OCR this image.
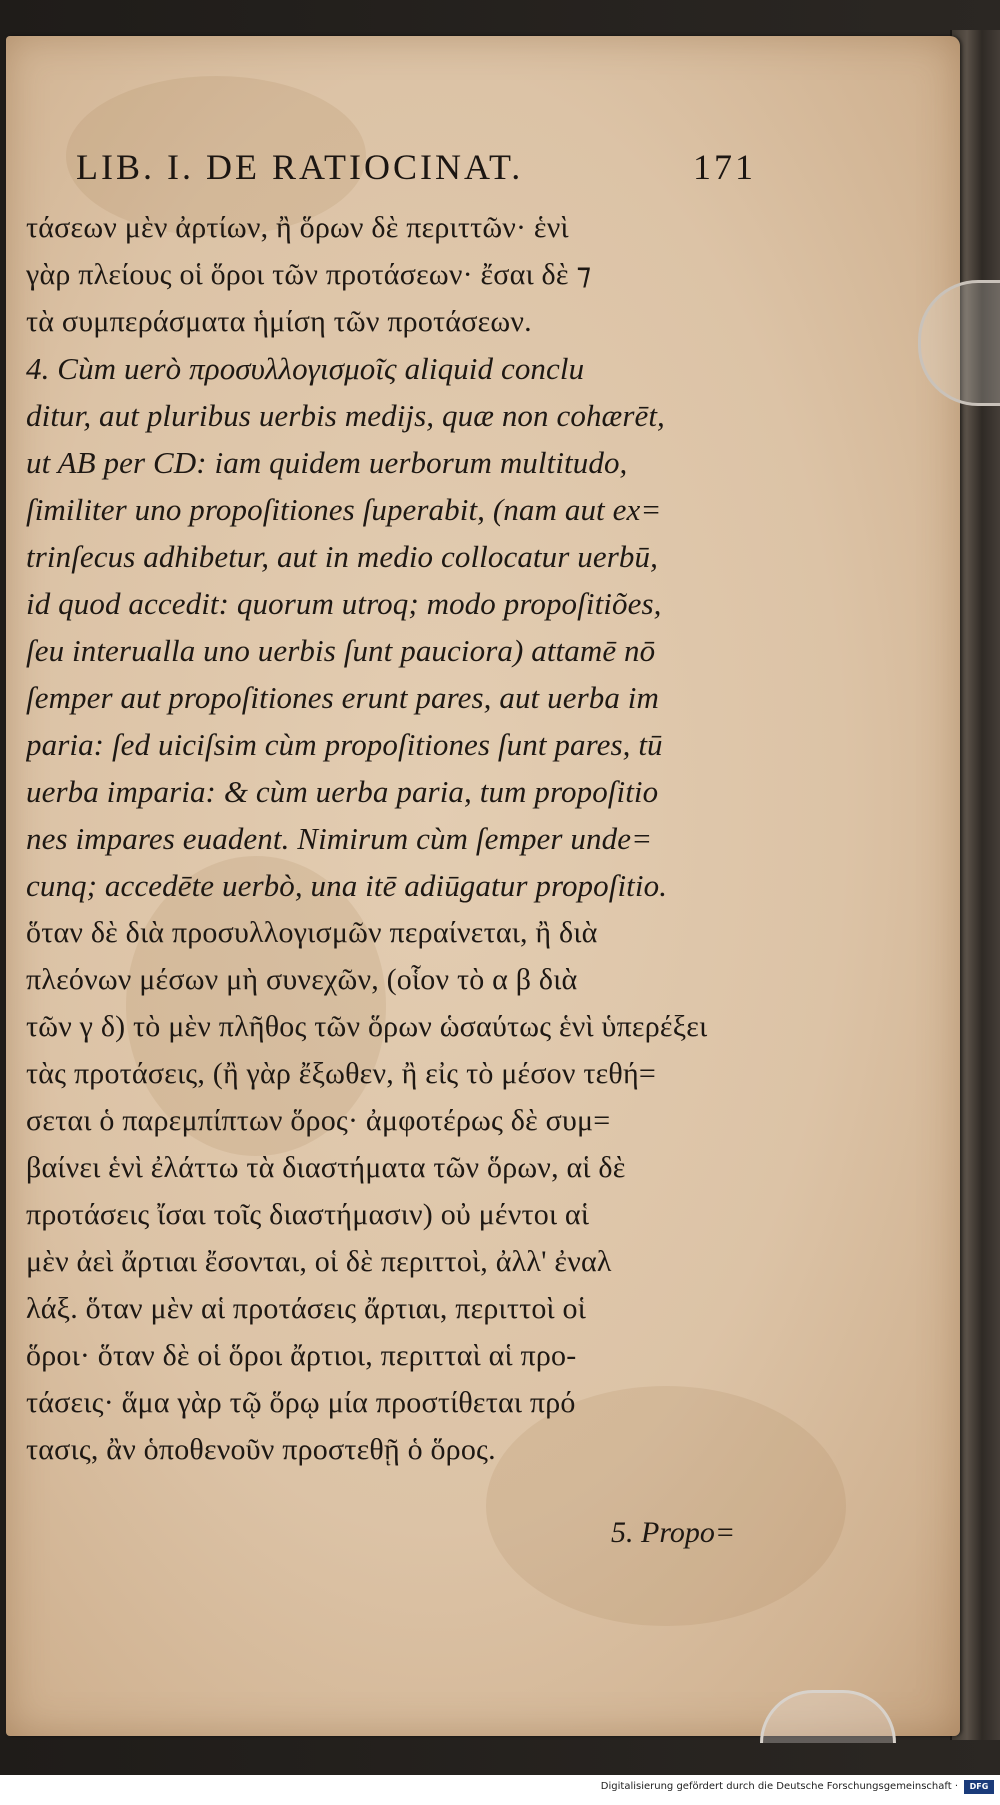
LIB. I. DE RATIOCINAT.	171
τάσεων μὲν ἀρτίων, ἢ ὅρων δὲ περιττῶν· ἑνὶ
γὰρ πλείους οἱ ὅροι τῶν προτάσεων· ἔσαι δὲ ⁊
τὰ συμπεράσματα ἡμίση τῶν προτάσεων.
4. Cùm uerò προσυλλογισμοῖς aliquid conclu
ditur, aut pluribus uerbis medijs, quæ non cohærēt,
ut AB per CD: iam quidem uerborum multitudo,
ſimiliter uno propoſitiones ſuperabit, (nam aut ex=
trinſecus adhibetur, aut in medio collocatur uerbū,
id quod accedit: quorum utroq; modo propoſitiões,
ſeu interualla uno uerbis ſunt pauciora) attamē nō
ſemper aut propoſitiones erunt pares, aut uerba im
paria: ſed uiciſsim cùm propoſitiones ſunt pares, tū
uerba imparia: & cùm uerba paria, tum propoſitio
nes impares euadent. Nimirum cùm ſemper unde=
cunq; accedēte uerbò, una itē adiūgatur propoſitio.
ὅταν δὲ διὰ προσυλλογισμῶν περαίνεται, ἢ διὰ
πλεόνων μέσων μὴ συνεχῶν, (οἷον τὸ α β διὰ
τῶν γ δ) τὸ μὲν πλῆθος τῶν ὅρων ὡσαύτως ἑνὶ ὑπερέξει
τὰς προτάσεις, (ἢ γὰρ ἔξωθεν, ἢ εἰς τὸ μέσον τεθή=
σεται ὁ παρεμπίπτων ὅρος· ἀμφοτέρως δὲ συμ=
βαίνει ἑνὶ ἐλάττω τὰ διαστήματα τῶν ὅρων, αἱ δὲ
προτάσεις ἴσαι τοῖς διαστήμασιν) οὐ μέντοι αἱ
μὲν ἀεὶ ἄρτιαι ἔσονται, οἱ δὲ περιττοὶ, ἀλλ' ἐναλ
λάξ. ὅταν μὲν αἱ προτάσεις ἄρτιαι, περιττοὶ οἱ
ὅροι· ὅταν δὲ οἱ ὅροι ἄρτιοι, περιτταὶ αἱ προ-
τάσεις· ἅμα γὰρ τῷ ὅρῳ μία προστίθεται πρό
τασις, ἂν ὁποθενοῦν προστεθῇ ὁ ὅρος.
5. Propo=
Digitalisierung gefördert durch die Deutsche Forschungsgemeinschaft ·	DFG
